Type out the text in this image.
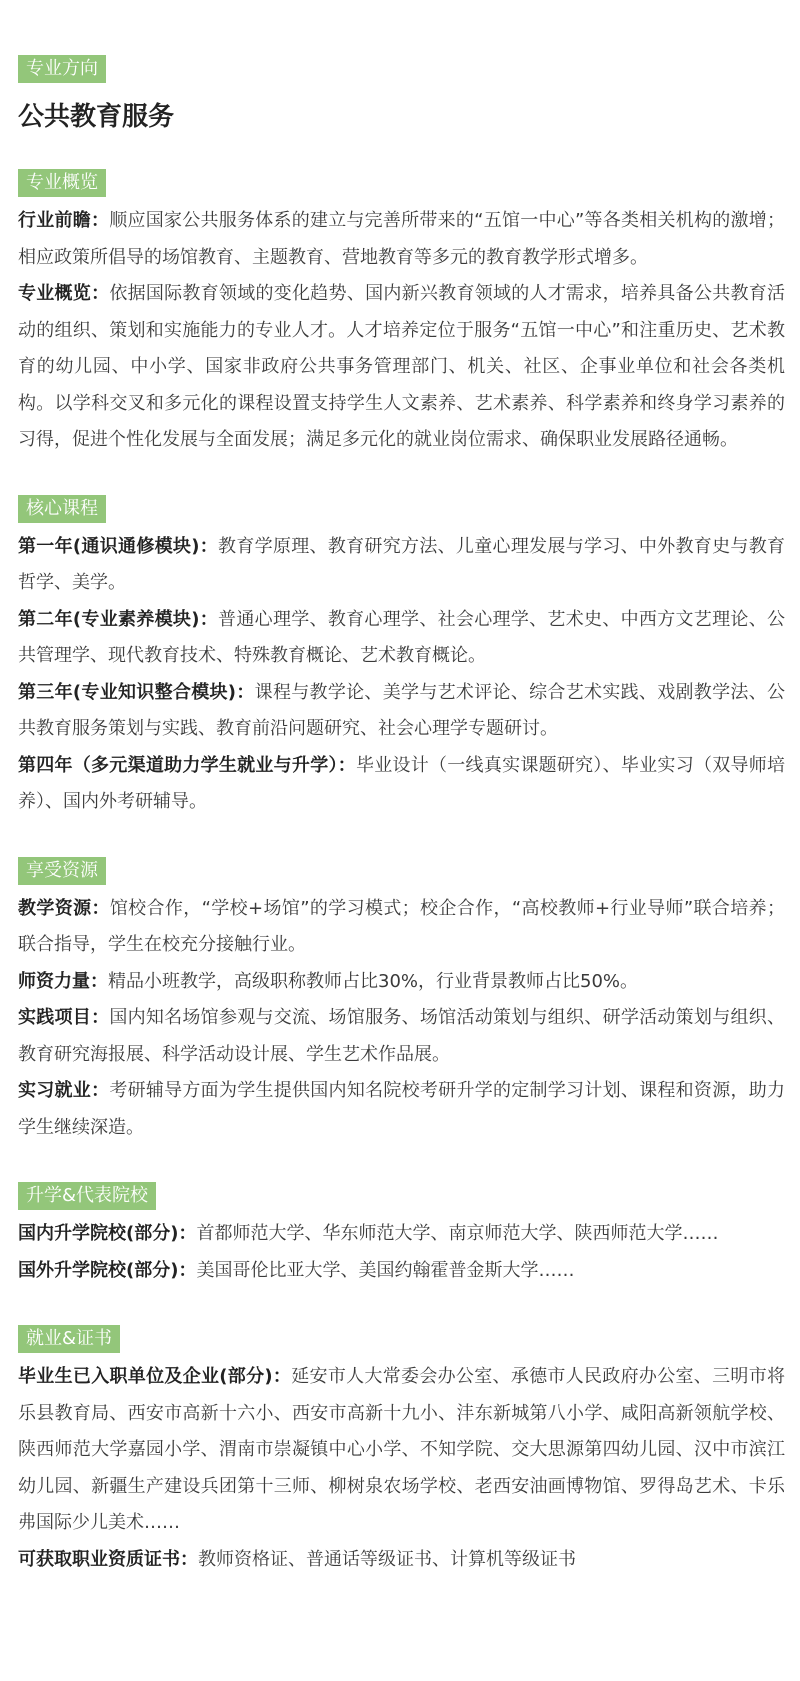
专业方向
公共教育服务
专业概览

行业前瞻：顺应国家公共服务体系的建立与完善所带来的“五馆一中心”等各类相关机构的激增；相应政策所倡导的场馆教育、主题教育、营地教育等多元的教育教学形式增多。

专业概览：依据国际教育领域的变化趋势、国内新兴教育领域的人才需求，培养具备公共教育活动的组织、策划和实施能力的专业人才。人才培养定位于服务“五馆一中心”和注重历史、艺术教育的幼儿园、中小学、国家非政府公共事务管理部门、机关、社区、企事业单位和社会各类机构。以学科交叉和多元化的课程设置支持学生人文素养、艺术素养、科学素养和终身学习素养的习得，促进个性化发展与全面发展；满足多元化的就业岗位需求、确保职业发展路径通畅。

核心课程

第一年(通识通修模块)：教育学原理、教育研究方法、儿童心理发展与学习、中外教育史与教育哲学、美学。

第二年(专业素养模块)：普通心理学、教育心理学、社会心理学、艺术史、中西方文艺理论、公共管理学、现代教育技术、特殊教育概论、艺术教育概论。

第三年(专业知识整合模块)：课程与教学论、美学与艺术评论、综合艺术实践、戏剧教学法、公共教育服务策划与实践、教育前沿问题研究、社会心理学专题研讨。

第四年（多元渠道助力学生就业与升学）：毕业设计（一线真实课题研究）、毕业实习（双导师培养）、国内外考研辅导。

享受资源

教学资源：馆校合作，“学校+场馆”的学习模式；校企合作，“高校教师+行业导师”联合培养；联合指导，学生在校充分接触行业。

师资力量：精品小班教学，高级职称教师占比30%，行业背景教师占比50%。

实践项目：国内知名场馆参观与交流、场馆服务、场馆活动策划与组织、研学活动策划与组织、教育研究海报展、科学活动设计展、学生艺术作品展。

实习就业：考研辅导方面为学生提供国内知名院校考研升学的定制学习计划、课程和资源，助力学生继续深造。

升学&代表院校

国内升学院校(部分)：首都师范大学、华东师范大学、南京师范大学、陕西师范大学……

国外升学院校(部分)：美国哥伦比亚大学、美国约翰霍普金斯大学……

就业&证书

毕业生已入职单位及企业(部分)：延安市人大常委会办公室、承德市人民政府办公室、三明市将乐县教育局、西安市高新十六小、西安市高新十九小、沣东新城第八小学、咸阳高新领航学校、陕西师范大学嘉园小学、渭南市崇凝镇中心小学、不知学院、交大思源第四幼儿园、汉中市滨江幼儿园、新疆生产建设兵团第十三师、柳树泉农场学校、老西安油画博物馆、罗得岛艺术、卡乐弗国际少儿美术……

可获取职业资质证书：教师资格证、普通话等级证书、计算机等级证书
